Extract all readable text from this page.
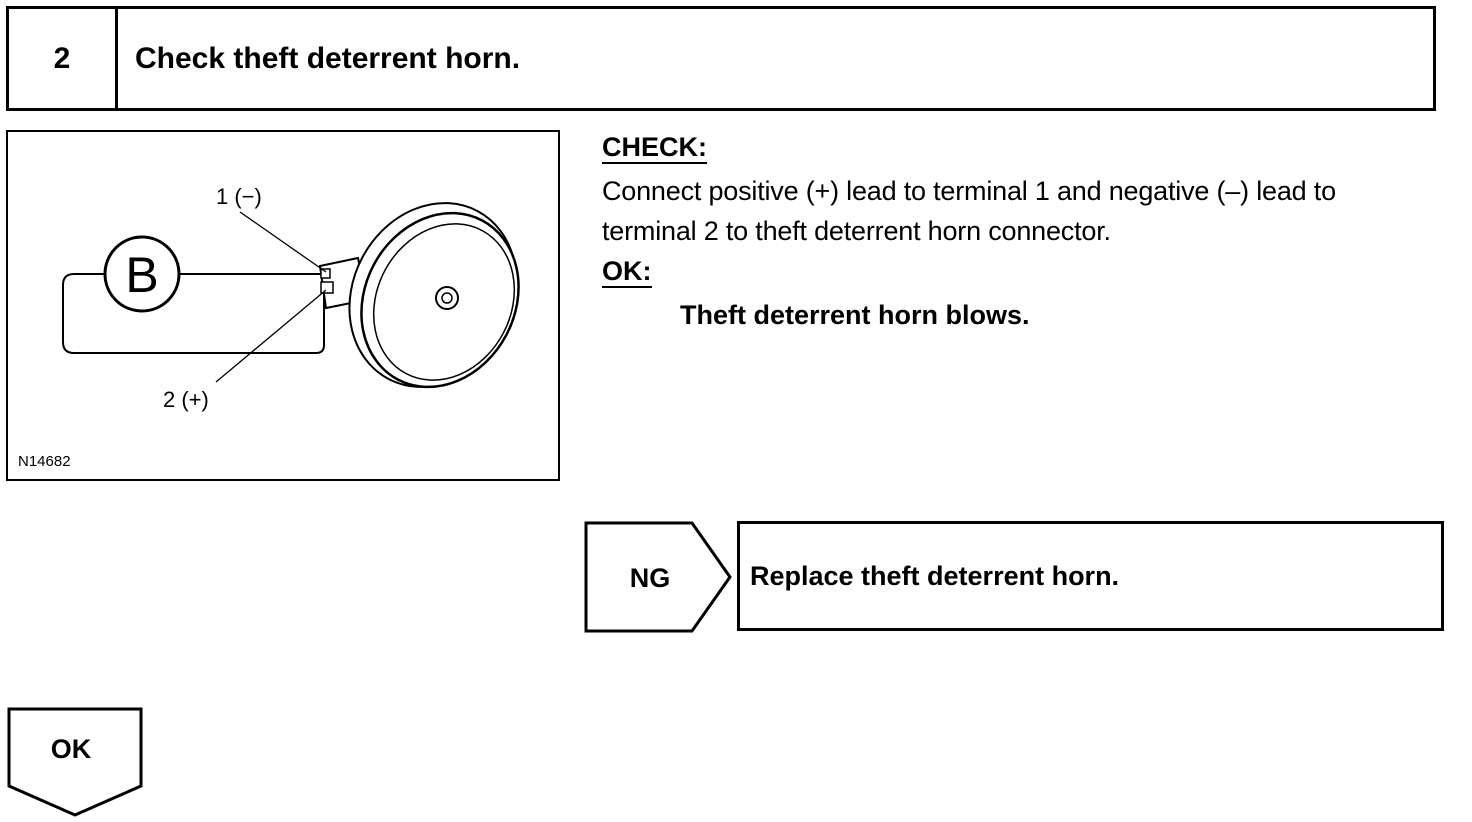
2	Check theft deterrent horn.
B
1 (−)
2 (+)
N14682
CHECK:
Connect positive (+) lead to terminal 1 and negative (–) lead to
terminal 2 to theft deterrent horn connector.
OK:
Theft deterrent horn blows.
NG	Replace theft deterrent horn.
OK
